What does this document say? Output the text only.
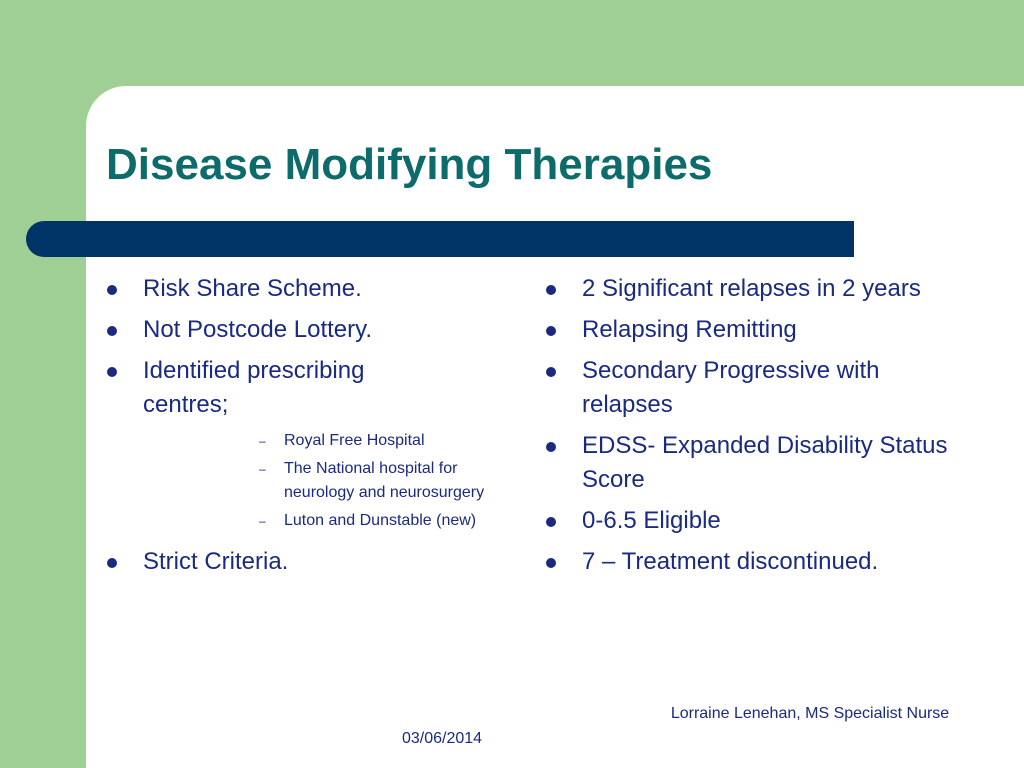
Disease Modifying Therapies
Risk Share Scheme.
Not Postcode Lottery.
Identified prescribing centres;
– Royal Free Hospital
– The National hospital for neurology and neurosurgery
– Luton and Dunstable (new)
Strict Criteria.
2 Significant relapses in 2 years
Relapsing Remitting
Secondary Progressive with relapses
EDSS- Expanded Disability Status Score
0-6.5 Eligible
7 – Treatment discontinued.
03/06/2014
Lorraine Lenehan, MS Specialist Nurse
